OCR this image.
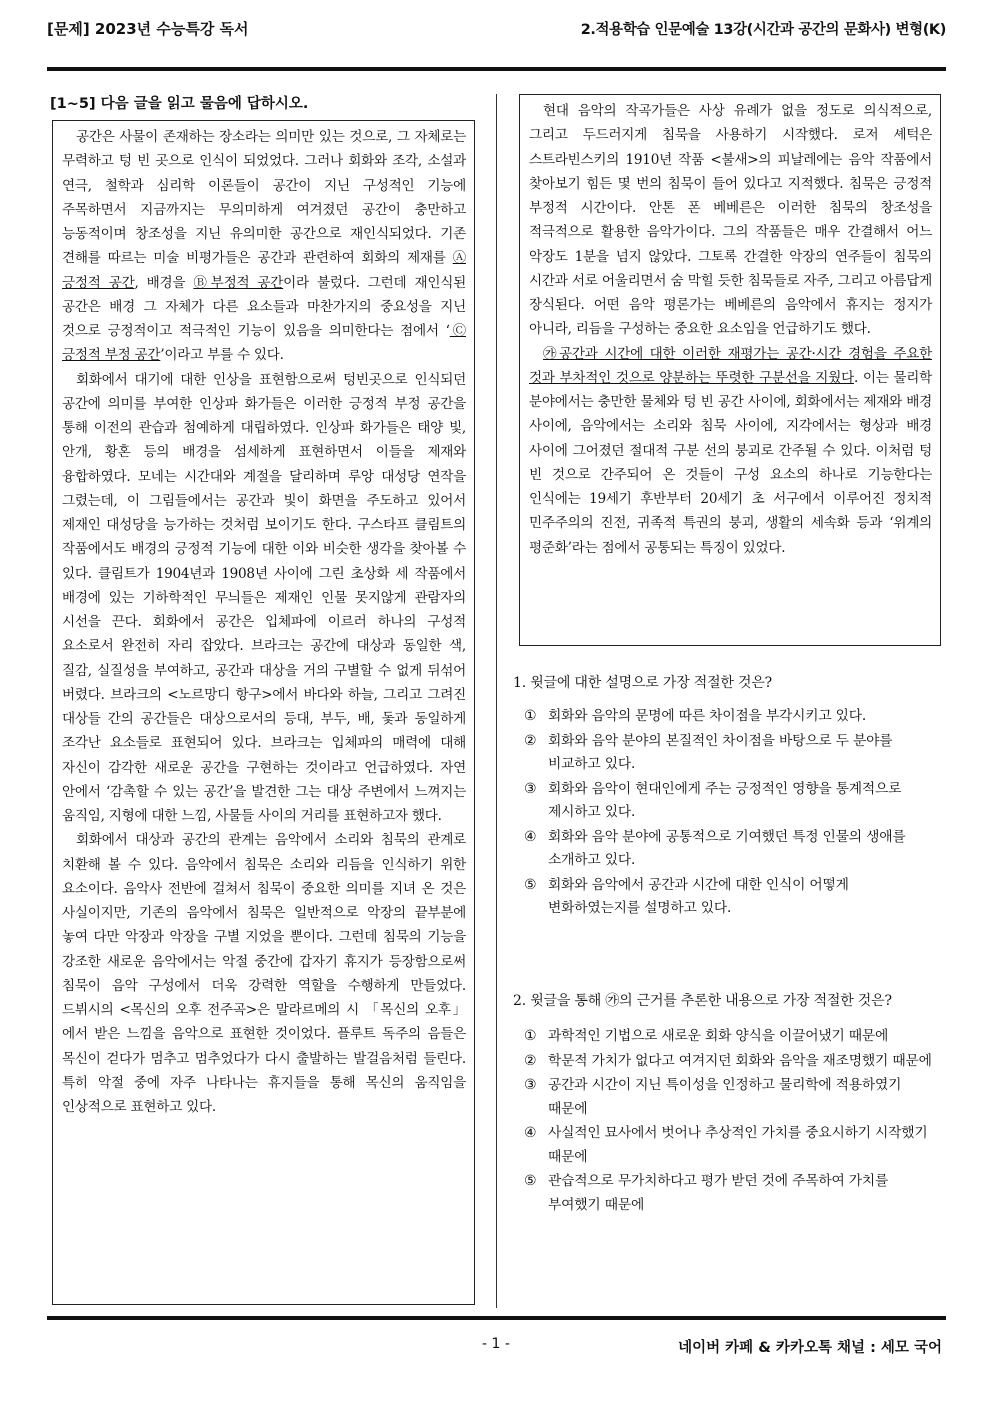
[문제] 2023년 수능특강 독서	2.적용학습 인문예술 13강(시간과 공간의 문화사) 변형(K)
[1~5] 다음 글을 읽고 물음에 답하시오.

공간은 사물이 존재하는 장소라는 의미만 있는 것으로, 그 자체로는 무력하고 텅 빈 곳으로 인식이 되었었다. 그러나 회화와 조각, 소설과 연극, 철학과 심리학 이론들이 공간이 지닌 구성적인 기능에 주목하면서 지금까지는 무의미하게 여겨졌던 공간이 충만하고 능동적이며 창조성을 지닌 유의미한 공간으로 재인식되었다. 기존 견해를 따르는 미술 비평가들은 공간과 관련하여 회화의 제재를 Ⓐ긍정적 공간, 배경을 Ⓑ부정적 공간이라 불렀다. 그런데 재인식된 공간은 배경 그 자체가 다른 요소들과 마찬가지의 중요성을 지닌 것으로 긍정적이고 적극적인 기능이 있음을 의미한다는 점에서 ‘Ⓒ긍정적 부정 공간’이라고 부를 수 있다.

회화에서 대기에 대한 인상을 표현함으로써 텅빈곳으로 인식되던 공간에 의미를 부여한 인상파 화가들은 이러한 긍정적 부정 공간을 통해 이전의 관습과 첨예하게 대립하였다. 인상파 화가들은 태양 빛, 안개, 황혼 등의 배경을 섬세하게 표현하면서 이들을 제재와 융합하였다. 모네는 시간대와 계절을 달리하며 루앙 대성당 연작을 그렸는데, 이 그림들에서는 공간과 빛이 화면을 주도하고 있어서 제재인 대성당을 능가하는 것처럼 보이기도 한다. 구스타프 클림트의 작품에서도 배경의 긍정적 기능에 대한 이와 비슷한 생각을 찾아볼 수 있다. 클림트가 1904년과 1908년 사이에 그린 초상화 세 작품에서 배경에 있는 기하학적인 무늬들은 제재인 인물 못지않게 관람자의 시선을 끈다. 회화에서 공간은 입체파에 이르러 하나의 구성적 요소로서 완전히 자리 잡았다. 브라크는 공간에 대상과 동일한 색, 질감, 실질성을 부여하고, 공간과 대상을 거의 구별할 수 없게 뒤섞어 버렸다. 브라크의 <노르망디 항구>에서 바다와 하늘, 그리고 그려진 대상들 간의 공간들은 대상으로서의 등대, 부두, 배, 돛과 동일하게 조각난 요소들로 표현되어 있다. 브라크는 입체파의 매력에 대해 자신이 감각한 새로운 공간을 구현하는 것이라고 언급하였다. 자연 안에서 ‘감촉할 수 있는 공간’을 발견한 그는 대상 주변에서 느껴지는 움직임, 지형에 대한 느낌, 사물들 사이의 거리를 표현하고자 했다.

회화에서 대상과 공간의 관계는 음악에서 소리와 침묵의 관계로 치환해 볼 수 있다. 음악에서 침묵은 소리와 리듬을 인식하기 위한 요소이다. 음악사 전반에 걸쳐서 침묵이 중요한 의미를 지녀 온 것은 사실이지만, 기존의 음악에서 침묵은 일반적으로 악장의 끝부분에 놓여 다만 악장과 악장을 구별 지었을 뿐이다. 그런데 침묵의 기능을 강조한 새로운 음악에서는 악절 중간에 갑자기 휴지가 등장함으로써 침묵이 음악 구성에서 더욱 강력한 역할을 수행하게 만들었다. 드뷔시의 <목신의 오후 전주곡>은 말라르메의 시 「목신의 오후」에서 받은 느낌을 음악으로 표현한 것이었다. 플루트 독주의 음들은 목신이 걷다가 멈추고 멈추었다가 다시 출발하는 발걸음처럼 들린다. 특히 악절 중에 자주 나타나는 휴지들을 통해 목신의 움직임을 인상적으로 표현하고 있다.

현대 음악의 작곡가들은 사상 유례가 없을 정도로 의식적으로, 그리고 두드러지게 침묵을 사용하기 시작했다. 로저 셰턱은 스트라빈스키의 1910년 작품 <불새>의 피날레에는 음악 작품에서 찾아보기 힘든 몇 번의 침묵이 들어 있다고 지적했다. 침묵은 긍정적 부정적 시간이다. 안톤 폰 베베른은 이러한 침묵의 창조성을 적극적으로 활용한 음악가이다. 그의 작품들은 매우 간결해서 어느 악장도 1분을 넘지 않았다. 그토록 간결한 악장의 연주들이 침묵의 시간과 서로 어울리면서 숨 막힐 듯한 침묵들로 자주, 그리고 아름답게 장식된다. 어떤 음악 평론가는 베베른의 음악에서 휴지는 정지가 아니라, 리듬을 구성하는 중요한 요소임을 언급하기도 했다.

㉮공간과 시간에 대한 이러한 재평가는 공간·시간 경험을 주요한 것과 부차적인 것으로 양분하는 뚜렷한 구분선을 지웠다. 이는 물리학 분야에서는 충만한 물체와 텅 빈 공간 사이에, 회화에서는 제재와 배경 사이에, 음악에서는 소리와 침묵 사이에, 지각에서는 형상과 배경 사이에 그어졌던 절대적 구분 선의 붕괴로 간주될 수 있다. 이처럼 텅 빈 것으로 간주되어 온 것들이 구성 요소의 하나로 기능한다는 인식에는 19세기 후반부터 20세기 초 서구에서 이루어진 정치적 민주주의의 진전, 귀족적 특권의 붕괴, 생활의 세속화 등과 ‘위계의 평준화’라는 점에서 공통되는 특징이 있었다.

1. 윗글에 대한 설명으로 가장 적절한 것은?
① 회화와 음악의 문명에 따른 차이점을 부각시키고 있다.
② 회화와 음악 분야의 본질적인 차이점을 바탕으로 두 분야를 비교하고 있다.
③ 회화와 음악이 현대인에게 주는 긍정적인 영향을 통계적으로 제시하고 있다.
④ 회화와 음악 분야에 공통적으로 기여했던 특정 인물의 생애를 소개하고 있다.
⑤ 회화와 음악에서 공간과 시간에 대한 인식이 어떻게 변화하였는지를 설명하고 있다.
2. 윗글을 통해 ㉮의 근거를 추론한 내용으로 가장 적절한 것은?
① 과학적인 기법으로 새로운 회화 양식을 이끌어냈기 때문에
② 학문적 가치가 없다고 여겨지던 회화와 음악을 재조명했기 때문에
③ 공간과 시간이 지닌 특이성을 인정하고 물리학에 적용하였기 때문에
④ 사실적인 묘사에서 벗어나 추상적인 가치를 중요시하기 시작했기 때문에
⑤ 관습적으로 무가치하다고 평가 받던 것에 주목하여 가치를 부여했기 때문에
- 1 -	네이버 카페 & 카카오톡 채널 : 세모 국어
